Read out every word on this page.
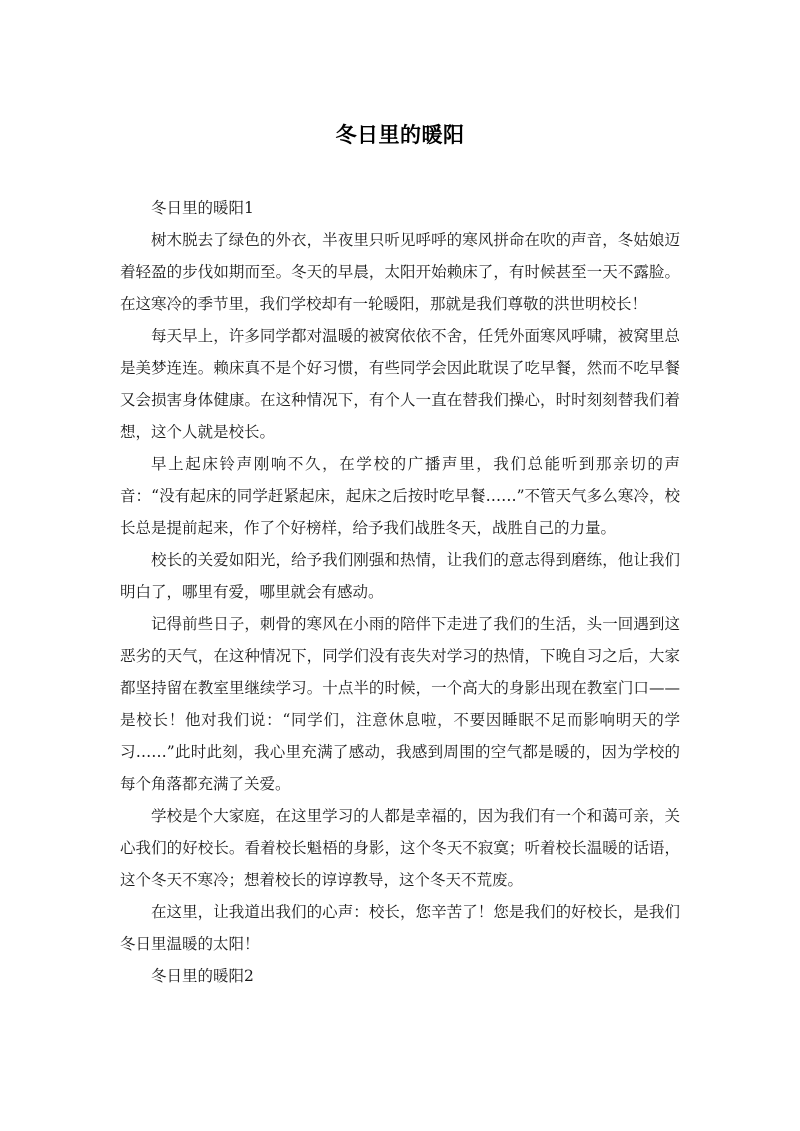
冬日里的暖阳

冬日里的暖阳1

树木脱去了绿色的外衣，半夜里只听见呼呼的寒风拼命在吹的声音，冬姑娘迈着轻盈的步伐如期而至。冬天的早晨，太阳开始赖床了，有时候甚至一天不露脸。在这寒冷的季节里，我们学校却有一轮暖阳，那就是我们尊敬的洪世明校长！

每天早上，许多同学都对温暖的被窝依依不舍，任凭外面寒风呼啸，被窝里总是美梦连连。赖床真不是个好习惯，有些同学会因此耽误了吃早餐，然而不吃早餐又会损害身体健康。在这种情况下，有个人一直在替我们操心，时时刻刻替我们着想，这个人就是校长。

早上起床铃声刚响不久，在学校的广播声里，我们总能听到那亲切的声音：“没有起床的同学赶紧起床，起床之后按时吃早餐……”不管天气多么寒冷，校长总是提前起来，作了个好榜样，给予我们战胜冬天，战胜自己的力量。

校长的关爱如阳光，给予我们刚强和热情，让我们的意志得到磨练，他让我们明白了，哪里有爱，哪里就会有感动。

记得前些日子，刺骨的寒风在小雨的陪伴下走进了我们的生活，头一回遇到这恶劣的天气，在这种情况下，同学们没有丧失对学习的热情，下晚自习之后，大家都坚持留在教室里继续学习。十点半的时候，一个高大的身影出现在教室门口——是校长！他对我们说：“同学们，注意休息啦，不要因睡眠不足而影响明天的学习……”此时此刻，我心里充满了感动，我感到周围的空气都是暖的，因为学校的每个角落都充满了关爱。

学校是个大家庭，在这里学习的人都是幸福的，因为我们有一个和蔼可亲，关心我们的好校长。看着校长魁梧的身影，这个冬天不寂寞；听着校长温暖的话语，这个冬天不寒冷；想着校长的谆谆教导，这个冬天不荒废。

在这里，让我道出我们的心声：校长，您辛苦了！您是我们的好校长，是我们冬日里温暖的太阳！

冬日里的暖阳2
